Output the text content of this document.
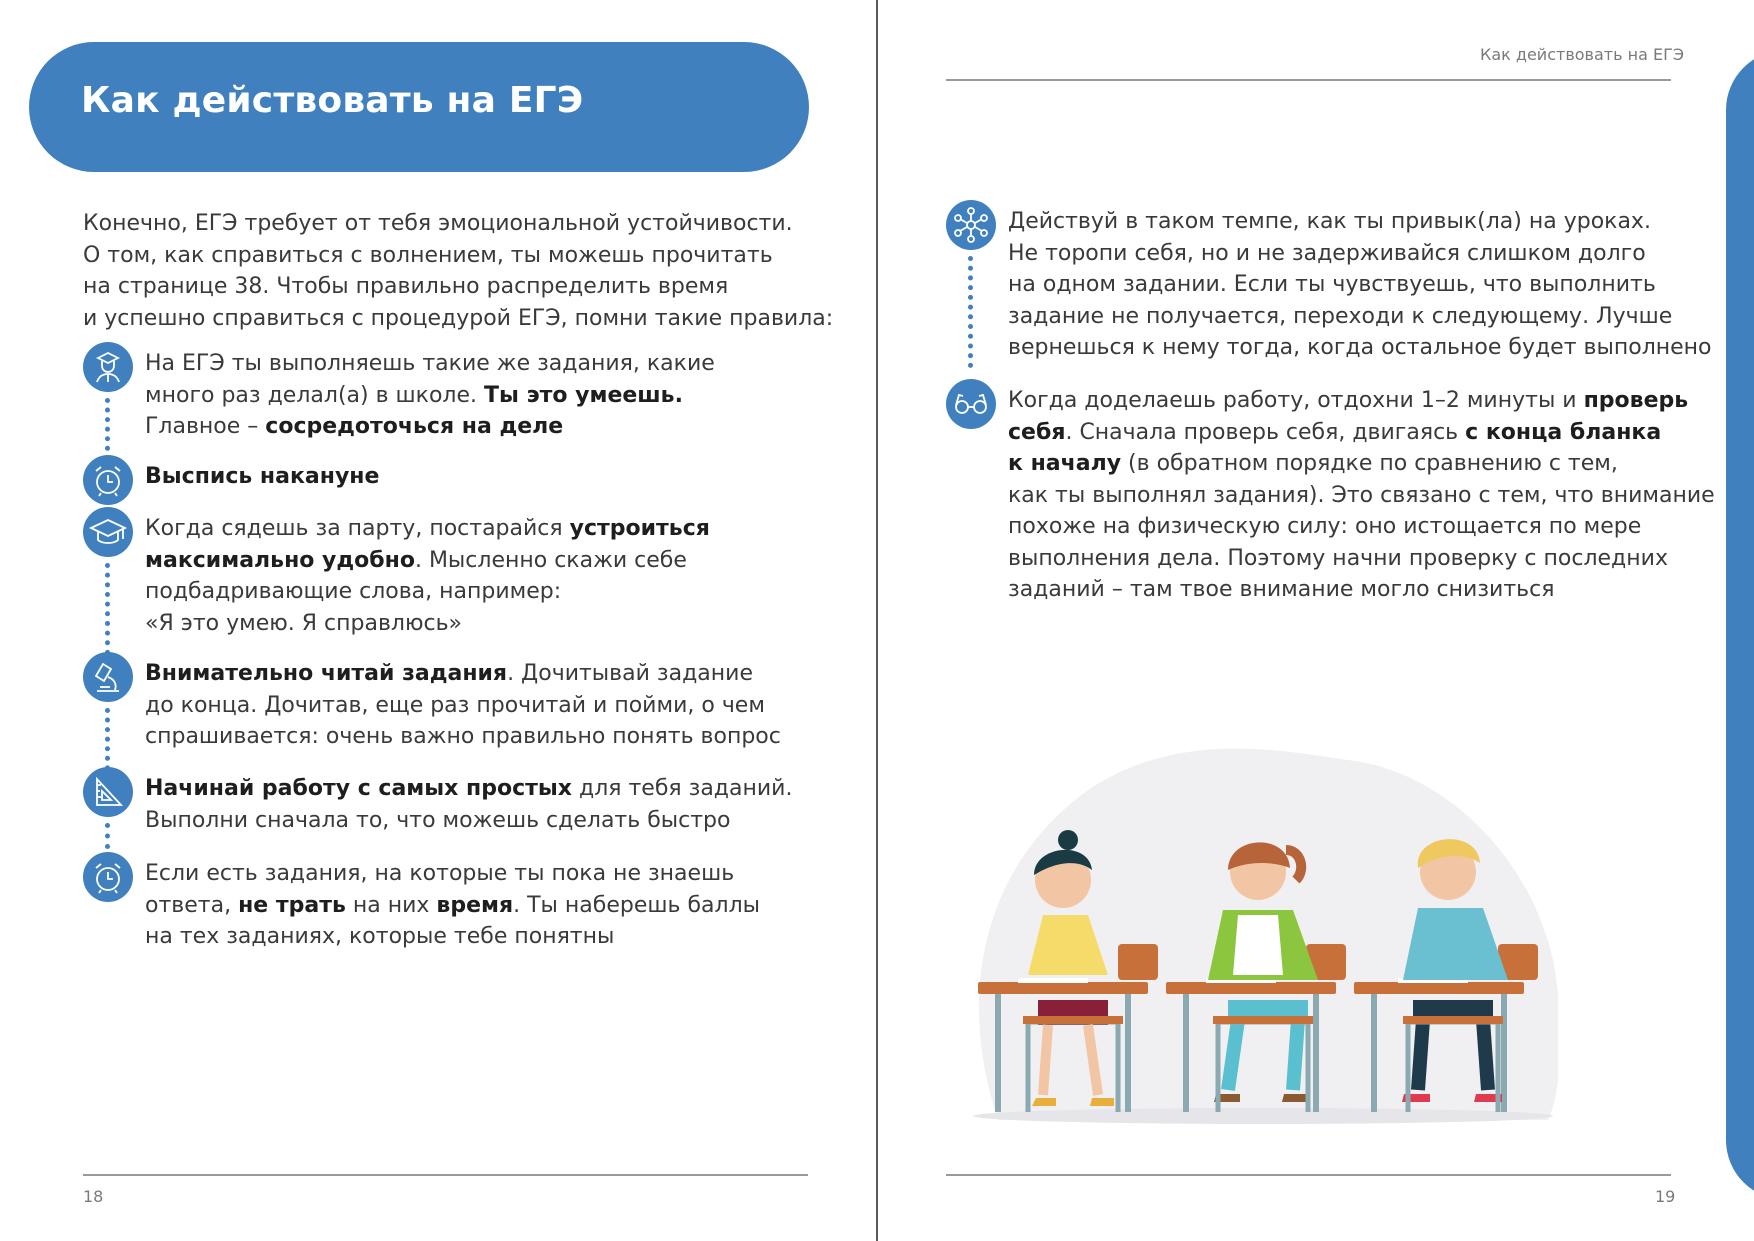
Как действовать на ЕГЭ
Конечно, ЕГЭ требует от тебя эмоциональной устойчивости.
О том, как справиться с волнением, ты можешь прочитать
на странице 38. Чтобы правильно распределить время
и успешно справиться с процедурой ЕГЭ, помни такие правила:
На ЕГЭ ты выполняешь такие же задания, какие
много раз делал(а) в школе. Ты это умеешь.
Главное – сосредоточься на деле
Выспись накануне
Когда сядешь за парту, постарайся устроиться
максимально удобно. Мысленно скажи себе
подбадривающие слова, например:
«Я это умею. Я справлюсь»
Внимательно читай задания. Дочитывай задание
до конца. Дочитав, еще раз прочитай и пойми, о чем
спрашивается: очень важно правильно понять вопрос
Начинай работу с самых простых для тебя заданий.
Выполни сначала то, что можешь сделать быстро
Если есть задания, на которые ты пока не знаешь
ответа, не трать на них время. Ты наберешь баллы
на тех заданиях, которые тебе понятны
18
Как действовать на ЕГЭ
Действуй в таком темпе, как ты привык(ла) на уроках.
Не торопи себя, но и не задерживайся слишком долго
на одном задании. Если ты чувствуешь, что выполнить
задание не получается, переходи к следующему. Лучше
вернешься к нему тогда, когда остальное будет выполнено
Когда доделаешь работу, отдохни 1–2 минуты и проверь
себя. Сначала проверь себя, двигаясь с конца бланка
к началу (в обратном порядке по сравнению с тем,
как ты выполнял задания). Это связано с тем, что внимание
похоже на физическую силу: оно истощается по мере
выполнения дела. Поэтому начни проверку с последних
заданий – там твое внимание могло снизиться
19
